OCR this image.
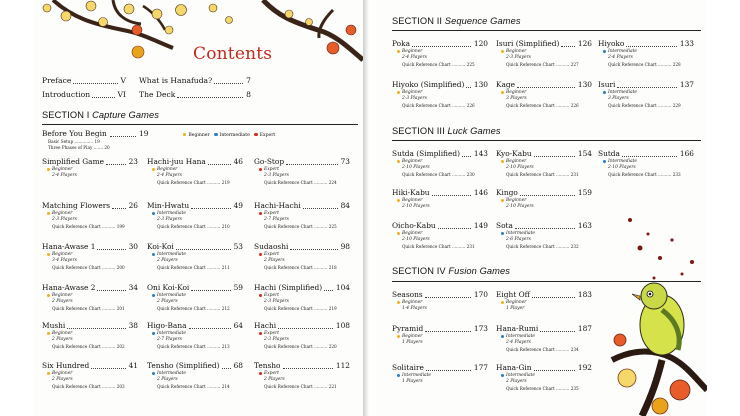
Contents
Preface	V
Introduction	VI
What is Hanafuda?	7
The Deck	8
SECTION I Capture Games
Before You Begin	19
Basic Setup .............. 19
Three Phases of Play ....... 20
Beginner Intermediate Expert
Simplified Game	23
Beginner
2-4 Players
Hachi-juu Hana	46
Beginner
2-4 Players
Quick Reference Chart .......... 219
Go-Stop	73
Expert
2-3 Players
Quick Reference Chart .......... 224
Matching Flowers	26
Beginner
2-3 Players
Quick Reference Chart .......... 199
Min-Hwatu	49
Intermediate
2-3 Players
Quick Reference Chart .......... 210
Hachi-Hachi	84
Expert
2-7 Players
Quick Reference Chart .......... 225
Hana-Awase 1	30
Beginner
3-4 Players
Quick Reference Chart .......... 200
Koi-Koi	53
Intermediate
2 Players
Quick Reference Chart .......... 211
Sudaoshi	98
Expert
2 Players
Quick Reference Chart .......... 218
Hana-Awase 2	34
Beginner
2 Players
Quick Reference Chart .......... 201
Oni Koi-Koi	59
Intermediate
2 Players
Quick Reference Chart .......... 212
Hachi (Simplified) 104
Expert
2-3 Players
Quick Reference Chart .......... 219
Mushi	38
Beginner
2 Players
Quick Reference Chart .......... 202
Higo-Bana	64
Intermediate
2-7 Players
Quick Reference Chart .......... 213
Hachi	108
Expert
2-3 Players
Quick Reference Chart .......... 220
Six Hundred	41
Beginner
2 Players
Quick Reference Chart .......... 203
Tensho (Simplified) 68
Intermediate
2 Players
Quick Reference Chart .......... 214
Tensho	112
Expert
2 Players
Quick Reference Chart .......... 221
SECTION II Sequence Games
Poka	120
Beginner
2-4 Players
Quick Reference Chart .......... 225
Isuri (Simplified) 126
Beginner
2-3 Players
Quick Reference Chart .......... 227
Hiyoko	133
Intermediate
2-4 Players
Quick Reference Chart .......... 228
Hiyoko (Simplified) 130
Beginner
2-3 Players
Quick Reference Chart .......... 226
Kage	130
Beginner
3 Players
Quick Reference Chart .......... 226
Isuri	137
Intermediate
3 Players
Quick Reference Chart .......... 229
SECTION III Luck Games
Sutda (Simplified) 143
Beginner
2-10 Players
Quick Reference Chart .......... 230
Kyo-Kabu	154
Beginner
2-10 Players
Quick Reference Chart .......... 231
Sutda	166
Intermediate
2-10 Players
Quick Reference Chart .......... 233
Hiki-Kabu	146
Beginner
2-10 Players
Kingo	159
Beginner
2-10 Players
Oicho-Kabu	149
Beginner
2-10 Players
Quick Reference Chart .......... 231
Sota	163
Intermediate
2-6 Players
Quick Reference Chart .......... 232
SECTION IV Fusion Games
Seasons	170
Beginner
1-4 Players
Eight Off	183
Beginner
1 Player
Pyramid	173
Beginner
1 Players
Hana-Rumi	187
Intermediate
2-4 Players
Quick Reference Chart .......... 234
Solitaire	177
Intermediate
1 Players
Hana-Gin	192
Intermediate
2 Players
Quick Reference Chart .......... 235
